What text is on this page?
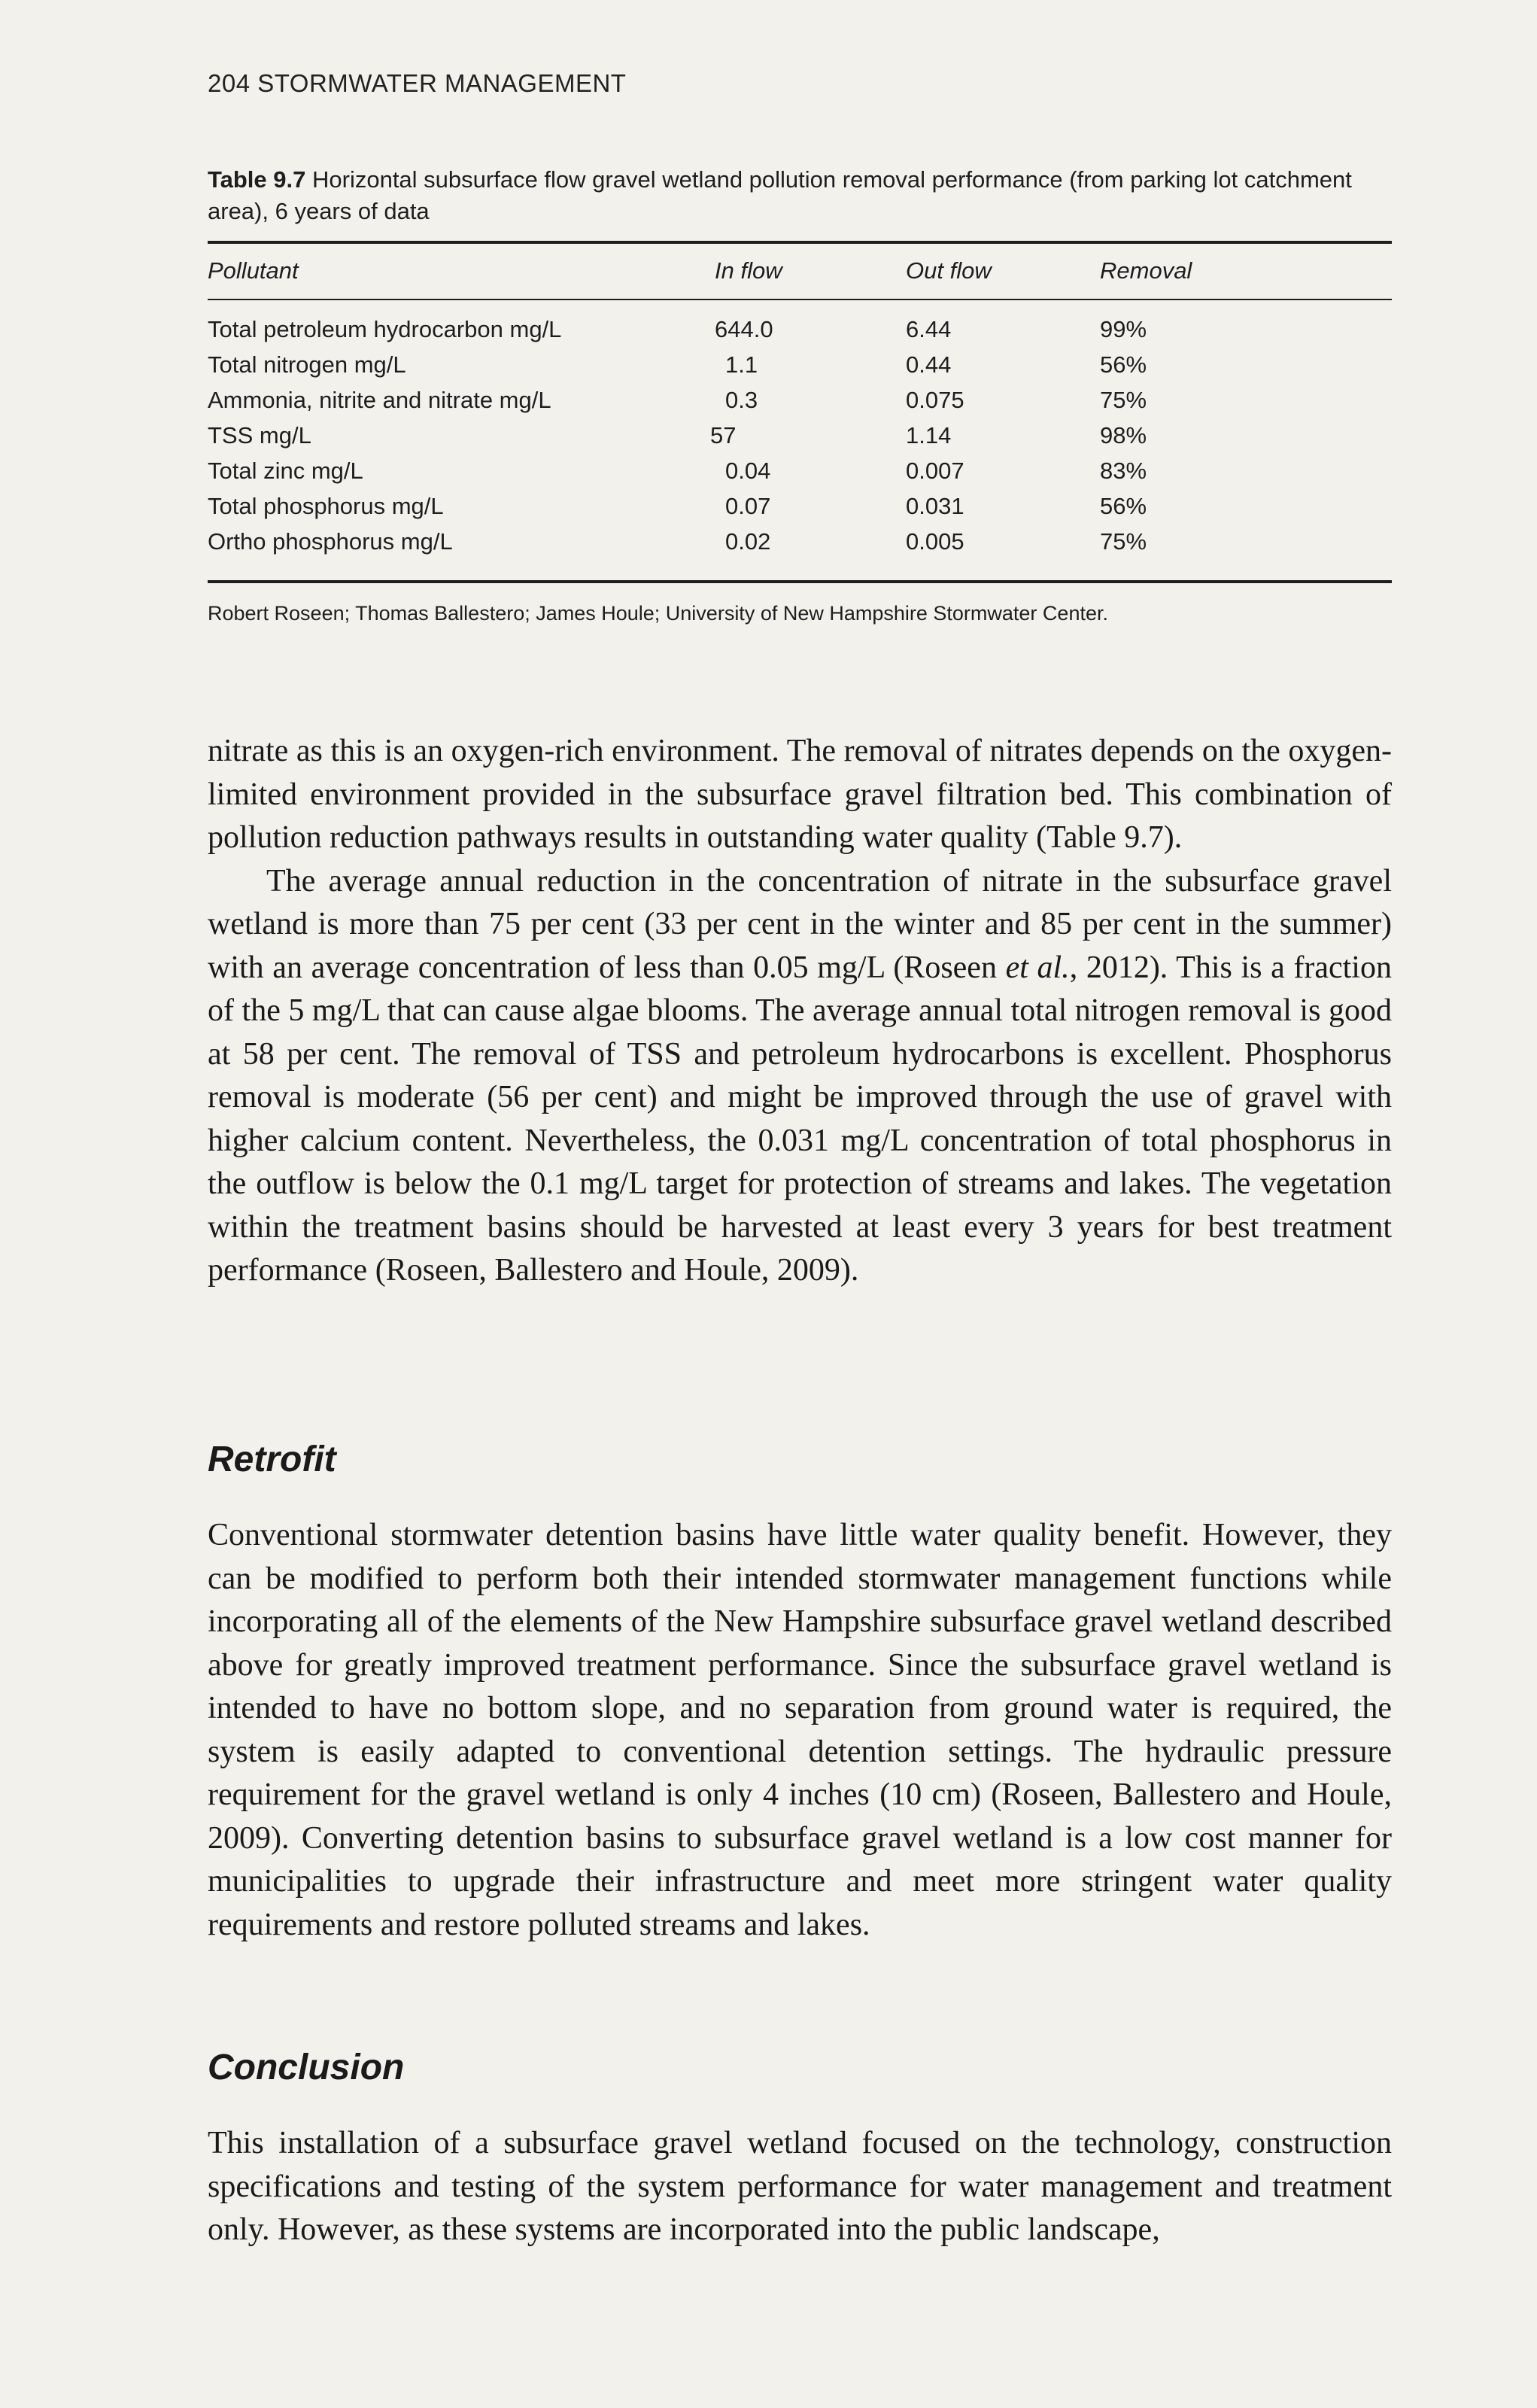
204 STORMWATER MANAGEMENT
Table 9.7 Horizontal subsurface flow gravel wetland pollution removal performance (from parking lot catchment area), 6 years of data
Pollutant	In flow	Out flow	Removal
Total petroleum hydrocarbon mg/L	644.0	6.44	99%
Total nitrogen mg/L	1.1	0.44	56%
Ammonia, nitrite and nitrate mg/L	0.3	0.075	75%
TSS mg/L	57	1.14	98%
Total zinc mg/L	0.04	0.007	83%
Total phosphorus mg/L	0.07	0.031	56%
Ortho phosphorus mg/L	0.02	0.005	75%
Robert Roseen; Thomas Ballestero; James Houle; University of New Hampshire Stormwater Center.

nitrate as this is an oxygen-rich environment. The removal of nitrates depends on the oxygen-limited environment provided in the subsurface gravel filtration bed. This combination of pollution reduction pathways results in outstanding water quality (Table 9.7).

The average annual reduction in the concentration of nitrate in the subsurface gravel wetland is more than 75 per cent (33 per cent in the winter and 85 per cent in the summer) with an average concentration of less than 0.05 mg/L (Roseen et al., 2012). This is a fraction of the 5 mg/L that can cause algae blooms. The average annual total nitrogen removal is good at 58 per cent. The removal of TSS and petroleum hydrocarbons is excellent. Phosphorus removal is moderate (56 per cent) and might be improved through the use of gravel with higher calcium content. Nevertheless, the 0.031 mg/L concentration of total phosphorus in the outflow is below the 0.1 mg/L target for protection of streams and lakes. The vegetation within the treatment basins should be harvested at least every 3 years for best treatment performance (Roseen, Ballestero and Houle, 2009).

Retrofit

Conventional stormwater detention basins have little water quality benefit. However, they can be modified to perform both their intended stormwater management functions while incorporating all of the elements of the New Hampshire subsurface gravel wetland described above for greatly improved treatment performance. Since the subsurface gravel wetland is intended to have no bottom slope, and no separation from ground water is required, the system is easily adapted to conventional detention settings. The hydraulic pressure requirement for the gravel wetland is only 4 inches (10 cm) (Roseen, Ballestero and Houle, 2009). Converting detention basins to subsurface gravel wetland is a low cost manner for municipalities to upgrade their infrastructure and meet more stringent water quality requirements and restore polluted streams and lakes.

Conclusion

This installation of a subsurface gravel wetland focused on the technology, construction specifications and testing of the system performance for water management and treatment only. However, as these systems are incorporated into the public landscape,
